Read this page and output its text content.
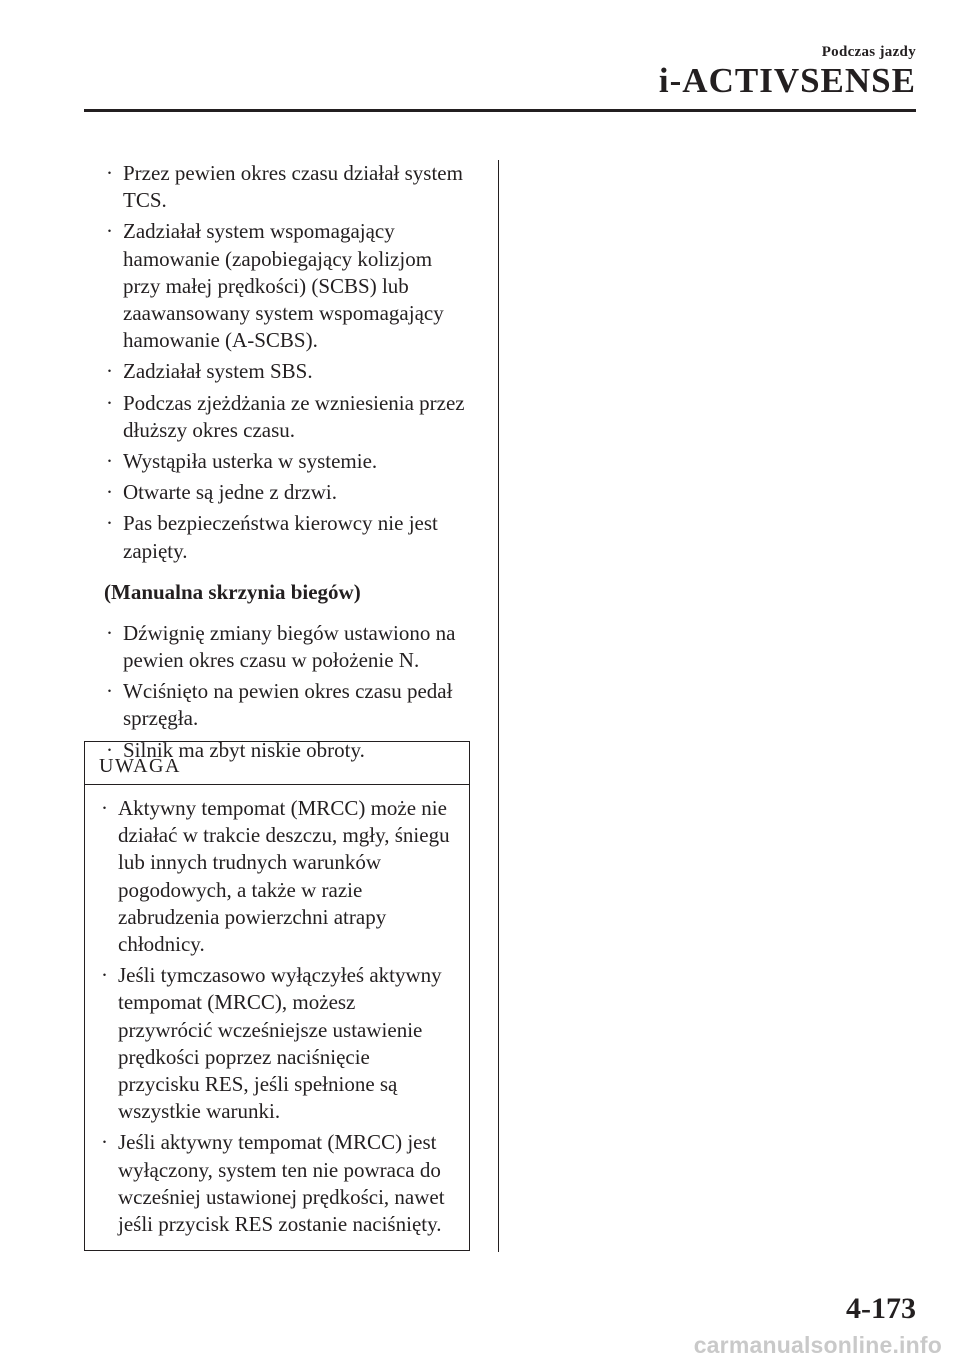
Podczas jazdy
i-ACTIVSENSE
· Przez pewien okres czasu działał system TCS.
· Zadziałał system wspomagający hamowanie (zapobiegający kolizjom przy małej prędkości) (SCBS) lub zaawansowany system wspomagający hamowanie (A-SCBS).
· Zadziałał system SBS.
· Podczas zjeżdżania ze wzniesienia przez dłuższy okres czasu.
· Wystąpiła usterka w systemie.
· Otwarte są jedne z drzwi.
· Pas bezpieczeństwa kierowcy nie jest zapięty.
(Manualna skrzynia biegów)
· Dźwignię zmiany biegów ustawiono na pewien okres czasu w położenie N.
· Wciśnięto na pewien okres czasu pedał sprzęgła.
· Silnik ma zbyt niskie obroty.
UWAGA
· Aktywny tempomat (MRCC) może nie działać w trakcie deszczu, mgły, śniegu lub innych trudnych warunków pogodowych, a także w razie zabrudzenia powierzchni atrapy chłodnicy.
· Jeśli tymczasowo wyłączyłeś aktywny tempomat (MRCC), możesz przywrócić wcześniejsze ustawienie prędkości poprzez naciśnięcie przycisku RES, jeśli spełnione są wszystkie warunki.
· Jeśli aktywny tempomat (MRCC) jest wyłączony, system ten nie powraca do wcześniej ustawionej prędkości, nawet jeśli przycisk RES zostanie naciśnięty.
4-173
carmanualsonline.info
